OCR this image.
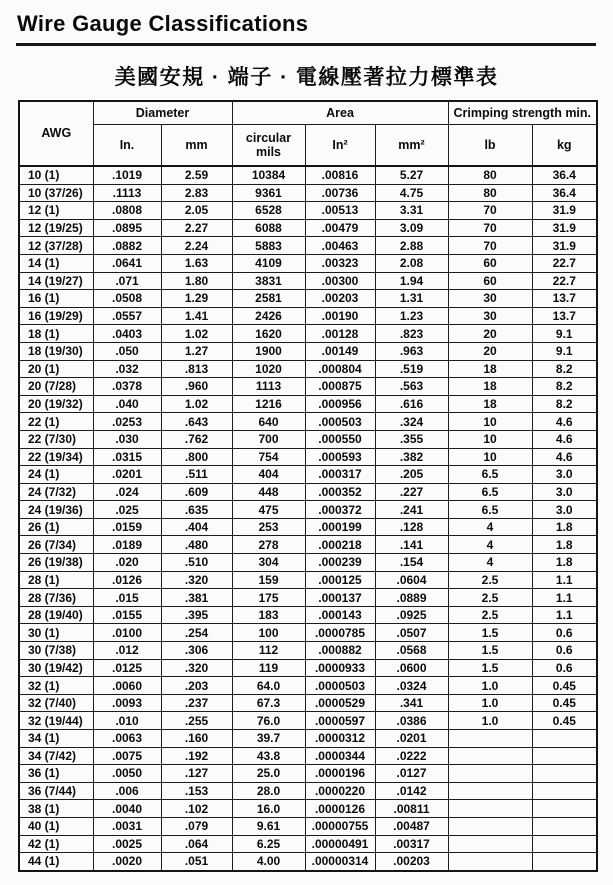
Wire Gauge Classifications
美國安規 · 端子 · 電線壓著拉力標準表
AWG	Diameter		Area			Crimping strength min.	
	In.	mm	circular mils	In²	mm²	lb	kg
10 (1)	.1019	2.59	10384	.00816	5.27	80	36.4
10 (37/26)	.1113	2.83	9361	.00736	4.75	80	36.4
12 (1)	.0808	2.05	6528	.00513	3.31	70	31.9
12 (19/25)	.0895	2.27	6088	.00479	3.09	70	31.9
12 (37/28)	.0882	2.24	5883	.00463	2.88	70	31.9
14 (1)	.0641	1.63	4109	.00323	2.08	60	22.7
14 (19/27)	.071	1.80	3831	.00300	1.94	60	22.7
16 (1)	.0508	1.29	2581	.00203	1.31	30	13.7
16 (19/29)	.0557	1.41	2426	.00190	1.23	30	13.7
18 (1)	.0403	1.02	1620	.00128	.823	20	9.1
18 (19/30)	.050	1.27	1900	.00149	.963	20	9.1
20 (1)	.032	.813	1020	.000804	.519	18	8.2
20 (7/28)	.0378	.960	1113	.000875	.563	18	8.2
20 (19/32)	.040	1.02	1216	.000956	.616	18	8.2
22 (1)	.0253	.643	640	.000503	.324	10	4.6
22 (7/30)	.030	.762	700	.000550	.355	10	4.6
22 (19/34)	.0315	.800	754	.000593	.382	10	4.6
24 (1)	.0201	.511	404	.000317	.205	6.5	3.0
24 (7/32)	.024	.609	448	.000352	.227	6.5	3.0
24 (19/36)	.025	.635	475	.000372	.241	6.5	3.0
26 (1)	.0159	.404	253	.000199	.128	4	1.8
26 (7/34)	.0189	.480	278	.000218	.141	4	1.8
26 (19/38)	.020	.510	304	.000239	.154	4	1.8
28 (1)	.0126	.320	159	.000125	.0604	2.5	1.1
28 (7/36)	.015	.381	175	.000137	.0889	2.5	1.1
28 (19/40)	.0155	.395	183	.000143	.0925	2.5	1.1
30 (1)	.0100	.254	100	.0000785	.0507	1.5	0.6
30 (7/38)	.012	.306	112	.000882	.0568	1.5	0.6
30 (19/42)	.0125	.320	119	.0000933	.0600	1.5	0.6
32 (1)	.0060	.203	64.0	.0000503	.0324	1.0	0.45
32 (7/40)	.0093	.237	67.3	.0000529	.341	1.0	0.45
32 (19/44)	.010	.255	76.0	.0000597	.0386	1.0	0.45
34 (1)	.0063	.160	39.7	.0000312	.0201		
34 (7/42)	.0075	.192	43.8	.0000344	.0222		
36 (1)	.0050	.127	25.0	.0000196	.0127		
36 (7/44)	.006	.153	28.0	.0000220	.0142		
38 (1)	.0040	.102	16.0	.0000126	.00811		
40 (1)	.0031	.079	9.61	.00000755	.00487		
42 (1)	.0025	.064	6.25	.00000491	.00317		
44 (1)	.0020	.051	4.00	.00000314	.00203		
